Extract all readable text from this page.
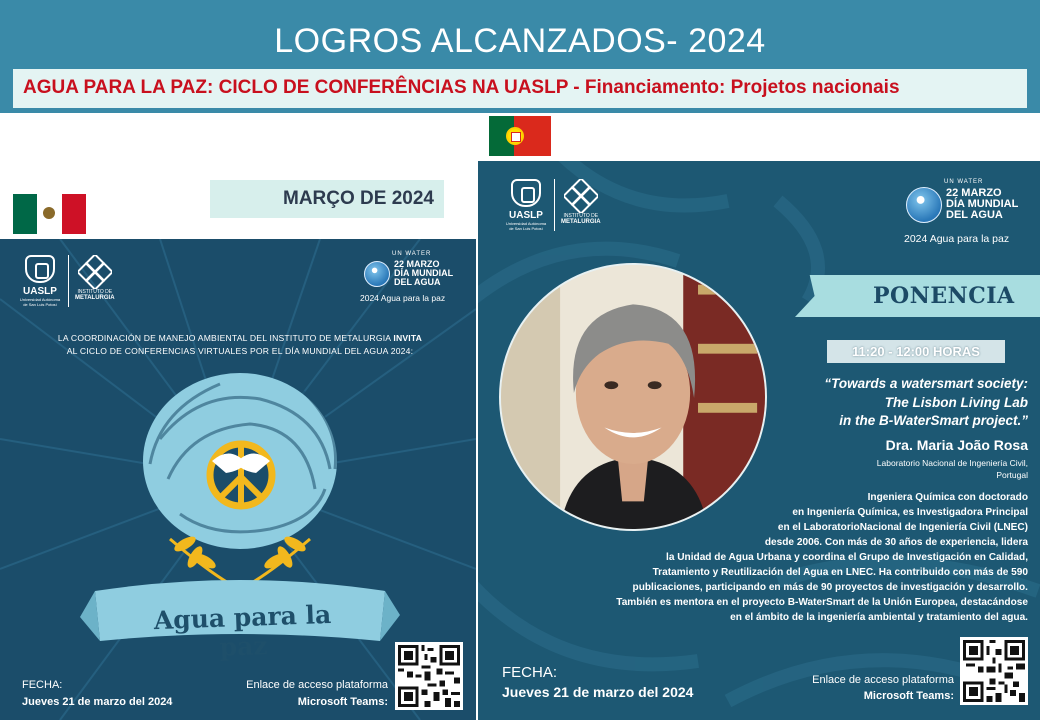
LOGROS ALCANZADOS- 2024
AGUA PARA LA PAZ: CICLO DE CONFERÊNCIAS NA UASLP - Financiamento: Projetos nacionais
MARÇO DE 2024
UASLP
Universidad Autónoma de San Luis Potosí
INSTITUTO DE
METALURGIA
UN WATER
22 MARZO
DÍA MUNDIAL
DEL AGUA
2024 Agua para la paz
LA COORDINACIÓN DE MANEJO AMBIENTAL DEL INSTITUTO DE METALURGIA INVITA
AL CICLO DE CONFERENCIAS VIRTUALES POR EL DÍA MUNDIAL DEL AGUA 2024:
Agua para la paz
FECHA:
Jueves 21 de marzo del 2024
Enlace de acceso plataforma
Microsoft Teams:
UASLP
Universidad Autónoma de San Luis Potosí
INSTITUTO DE
METALURGIA
UN WATER
22 MARZO
DÍA MUNDIAL
DEL AGUA
2024 Agua para la paz
PONENCIA
11:20 - 12:00 HORAS
“Towards a watersmart society:
The Lisbon Living Lab
in the B-WaterSmart project.”
Dra. Maria João Rosa
Laboratorio Nacional de Ingeniería Civil,
Portugal
Ingeniera Química con doctorado
en Ingeniería Química, es Investigadora Principal
en el LaboratorioNacional de Ingeniería Civil (LNEC)
desde 2006. Con más de 30 años de experiencia, lidera
la Unidad de Agua Urbana y coordina el Grupo de Investigación en Calidad,
Tratamiento y Reutilización del Agua en LNEC. Ha contribuido con más de 590
publicaciones, participando en más de 90 proyectos de investigación y desarrollo.
También es mentora en el proyecto B-WaterSmart de la Unión Europea, destacándose
en el ámbito de la ingeniería ambiental y tratamiento del agua.
FECHA:
Jueves 21 de marzo del 2024
Enlace de acceso plataforma
Microsoft Teams:
